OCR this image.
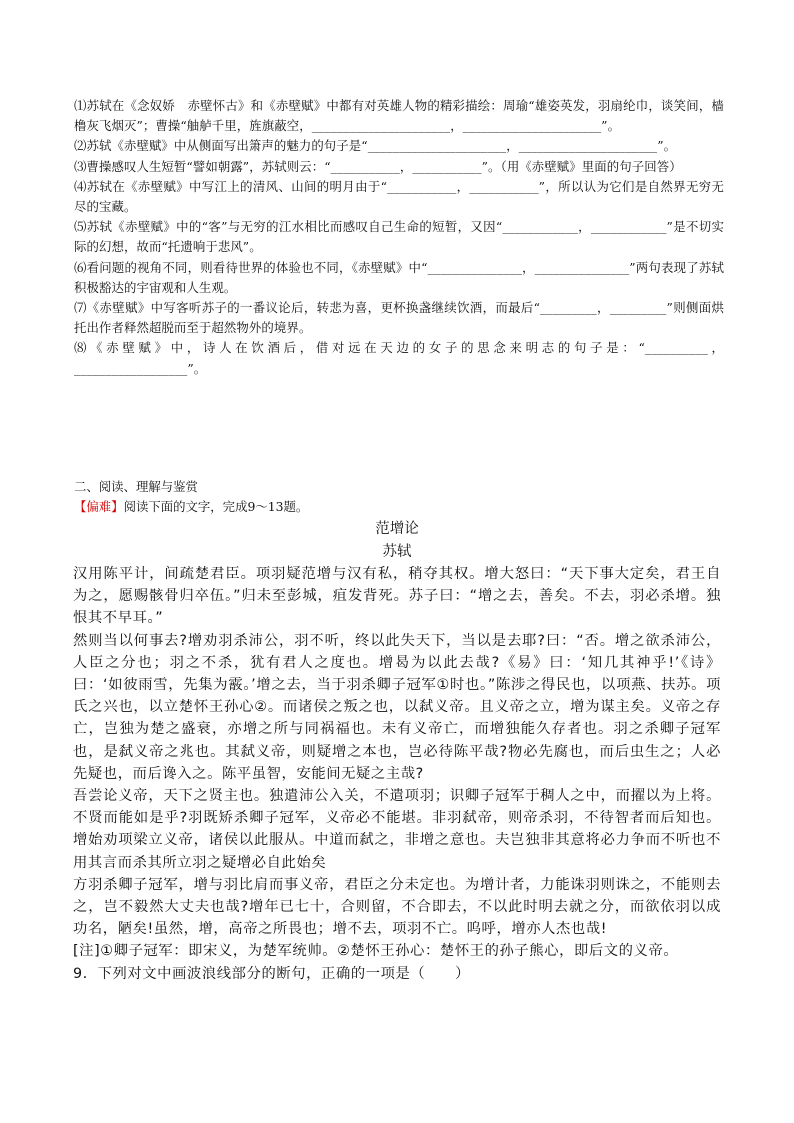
⑴苏轼在《念奴娇　赤壁怀古》和《赤壁赋》中都有对英雄人物的精彩描绘：周瑜“雄姿英发，羽扇纶巾，谈笑间，樯橹灰飞烟灭”；曹操“舳舻千里，旌旗蔽空，______________________，______________________”。

⑵苏轼《赤壁赋》中从侧面写出箫声的魅力的句子是“______________________，______________________”。

⑶曹操感叹人生短暂“譬如朝露”，苏轼则云：“___________，___________”。（用《赤壁赋》里面的句子回答）

⑷苏轼在《赤壁赋》中写江上的清风、山间的明月由于“___________，___________”，所以认为它们是自然界无穷无尽的宝藏。

⑸苏轼《赤壁赋》中的“客”与无穷的江水相比而感叹自己生命的短暂，又因“____________，____________”是不切实际的幻想，故而“托遗响于悲风”。

⑹看问题的视角不同，则看待世界的体验也不同，《赤壁赋》中“_______________，_______________”两句表现了苏轼积极豁达的宇宙观和人生观。

⑺《赤壁赋》中写客听苏子的一番议论后，转悲为喜，更杯换盏继续饮酒，而最后“_________，_________”则侧面烘托出作者释然超脱而至于超然物外的境界。

⑻《赤壁赋》中，诗人在饮酒后，借对远在天边的女子的思念来明志的句子是：“__________，__________________”。

二、阅读、理解与鉴赏

【偏难】阅读下面的文字，完成9～13题。

范增论

苏轼

汉用陈平计，间疏楚君臣。项羽疑范增与汉有私，稍夺其权。增大怒曰：“天下事大定矣，君王自为之，愿赐骸骨归卒伍。”归未至彭城，疽发背死。苏子曰：“增之去，善矣。不去，羽必杀增。独恨其不早耳。”

然则当以何事去?增劝羽杀沛公，羽不听，终以此失天下，当以是去耶?曰：“否。增之欲杀沛公，人臣之分也；羽之不杀，犹有君人之度也。增曷为以此去哉?《易》曰：‘知几其神乎!’《诗》曰：‘如彼雨雪，先集为霰。’增之去，当于羽杀卿子冠军①时也。”陈涉之得民也，以项燕、扶苏。项氏之兴也，以立楚怀王孙心②。而诸侯之叛之也，以弑义帝。且义帝之立，增为谋主矣。义帝之存亡，岂独为楚之盛衰，亦增之所与同祸福也。未有义帝亡，而增独能久存者也。羽之杀卿子冠军也，是弑义帝之兆也。其弑义帝，则疑增之本也，岂必待陈平哉?物必先腐也，而后虫生之；人必先疑也，而后谗入之。陈平虽智，安能间无疑之主哉?

吾尝论义帝，天下之贤主也。独遣沛公入关，不遣项羽；识卿子冠军于稠人之中，而擢以为上将。不贤而能如是乎?羽既矫杀卿子冠军，义帝必不能堪。非羽弑帝，则帝杀羽，不待智者而后知也。增始劝项梁立义帝，诸侯以此服从。中道而弑之，非增之意也。夫岂独非其意将必力争而不听也不用其言而杀其所立羽之疑增必自此始矣

方羽杀卿子冠军，增与羽比肩而事义帝，君臣之分未定也。为增计者，力能诛羽则诛之，不能则去之，岂不毅然大丈夫也哉?增年已七十，合则留，不合即去，不以此时明去就之分，而欲依羽以成功名，陋矣!虽然，增，高帝之所畏也；增不去，项羽不亡。呜呼，增亦人杰也哉!

[注]①卿子冠军：即宋义，为楚军统帅。②楚怀王孙心：楚怀王的孙子熊心，即后文的义帝。

9．下列对文中画波浪线部分的断句，正确的一项是（　　）
